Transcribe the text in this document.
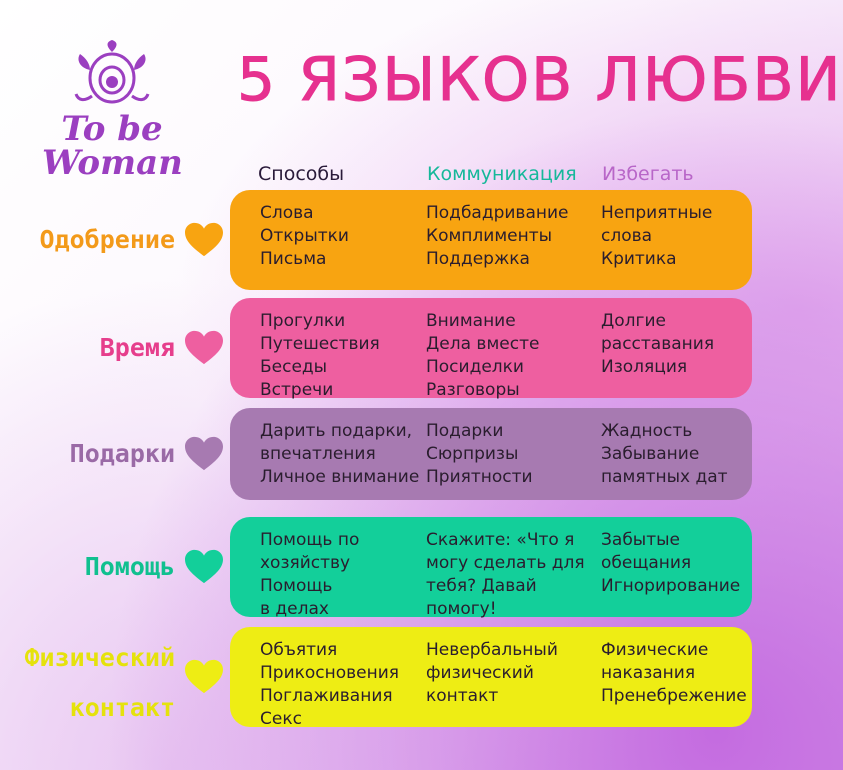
To be
Woman
5 ЯЗЫКОВ ЛЮБВИ
Способы	Коммуникация Избегать
Одобрение
Слова
Открытки
Письма
Подбадривание
Комплименты
Поддержка
Неприятные
слова
Критика
Время
Прогулки
Путешествия
Беседы
Встречи
Внимание
Дела вместе
Посиделки
Разговоры
Долгие
расставания
Изоляция
Подарки
Дарить подарки,
впечатления
Личное внимание
Подарки
Сюрпризы
Приятности
Жадность
Забывание
памятных дат
Помощь
Помощь по
хозяйству
Помощь
в делах
Скажите: «Что я
могу сделать для
тебя? Давай
помогу!
Забытые
обещания
Игнорирование
Физический
контакт
Объятия
Прикосновения
Поглаживания
Секс
Невербальный
физический
контакт
Физические
наказания
Пренебрежение
